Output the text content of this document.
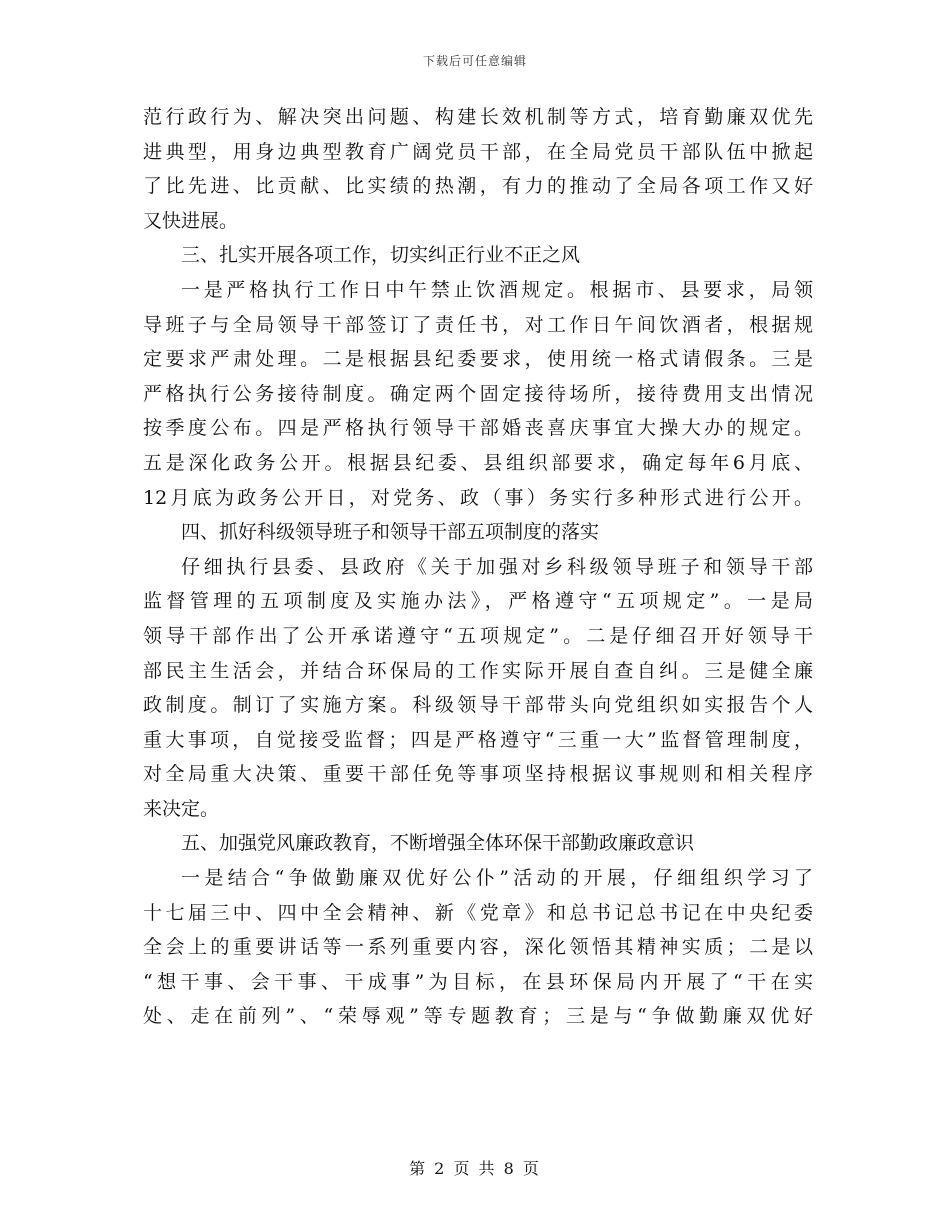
下载后可任意编辑
范行政行为、解决突出问题、构建长效机制等方式，培育勤廉双优先
进典型，用身边典型教育广阔党员干部，在全局党员干部队伍中掀起
了比先进、比贡献、比实绩的热潮，有力的推动了全局各项工作又好
又快进展。
三、扎实开展各项工作，切实纠正行业不正之风
一是严格执行工作日中午禁止饮酒规定。根据市、县要求，局领
导班子与全局领导干部签订了责任书，对工作日午间饮酒者，根据规
定要求严肃处理。二是根据县纪委要求，使用统一格式请假条。三是
严格执行公务接待制度。确定两个固定接待场所，接待费用支出情况
按季度公布。四是严格执行领导干部婚丧喜庆事宜大操大办的规定。
五是深化政务公开。根据县纪委、县组织部要求，确定每年6月底、
12月底为政务公开日，对党务、政（事）务实行多种形式进行公开。
四、抓好科级领导班子和领导干部五项制度的落实
仔细执行县委、县政府《关于加强对乡科级领导班子和领导干部
监督管理的五项制度及实施办法》，严格遵守“五项规定”。一是局
领导干部作出了公开承诺遵守“五项规定”。二是仔细召开好领导干
部民主生活会，并结合环保局的工作实际开展自查自纠。三是健全廉
政制度。制订了实施方案。科级领导干部带头向党组织如实报告个人
重大事项，自觉接受监督；四是严格遵守“三重一大”监督管理制度，
对全局重大决策、重要干部任免等事项坚持根据议事规则和相关程序
来决定。
五、加强党风廉政教育，不断增强全体环保干部勤政廉政意识
一是结合“争做勤廉双优好公仆”活动的开展，仔细组织学习了
十七届三中、四中全会精神、新《党章》和总书记总书记在中央纪委
全会上的重要讲话等一系列重要内容，深化领悟其精神实质；二是以
“想干事、会干事、干成事”为目标，在县环保局内开展了“干在实
处、走在前列”、“荣辱观”等专题教育；三是与“争做勤廉双优好
第 2 页 共 8 页
